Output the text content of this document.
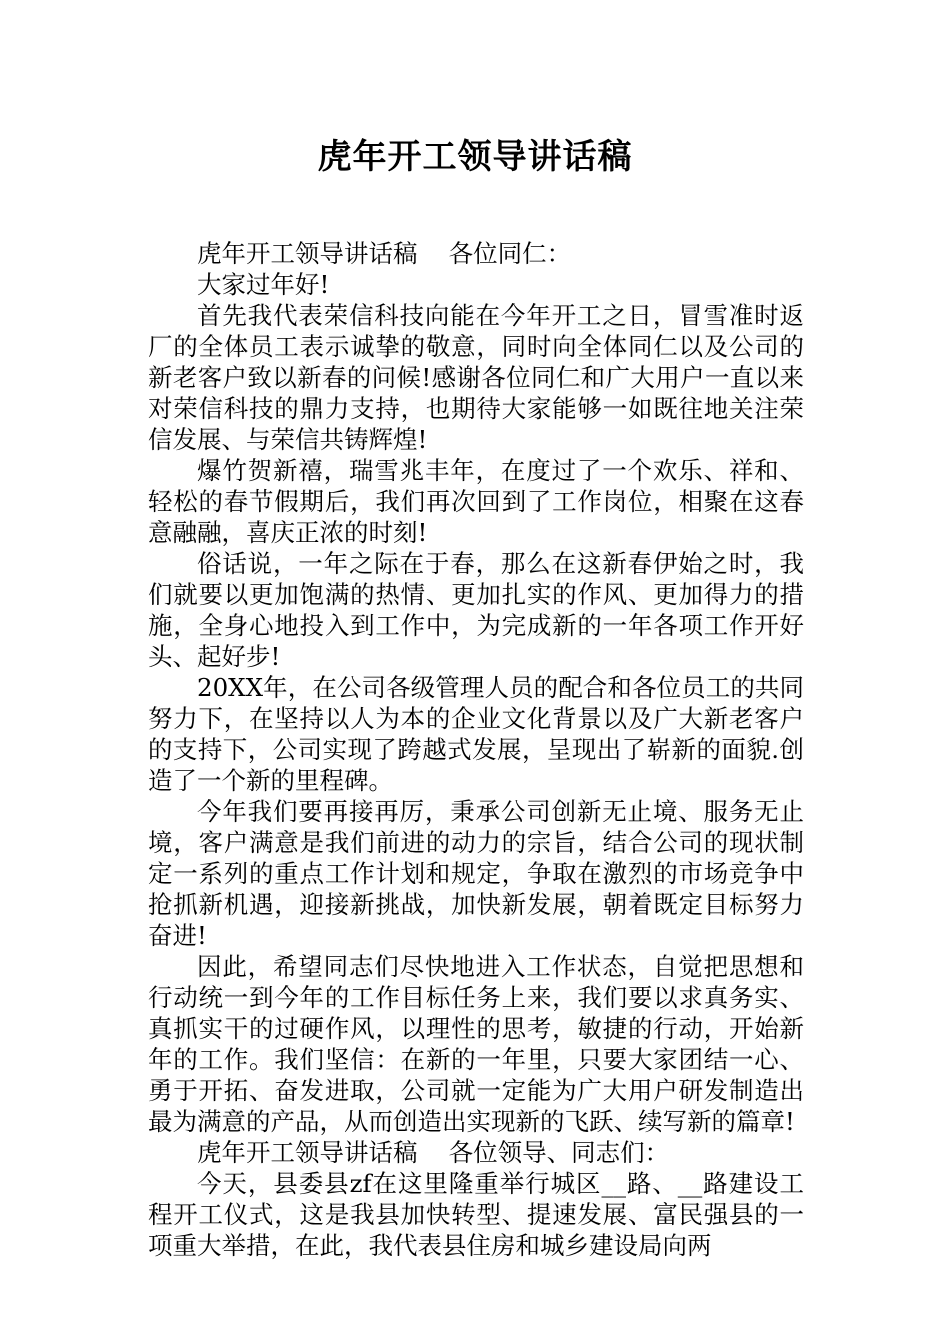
虎年开工领导讲话稿

虎年开工领导讲话稿    各位同仁：

大家过年好!

首先我代表荣信科技向能在今年开工之日，冒雪准时返厂的全体员工表示诚挚的敬意，同时向全体同仁以及公司的新老客户致以新春的问候!感谢各位同仁和广大用户一直以来对荣信科技的鼎力支持，也期待大家能够一如既往地关注荣信发展、与荣信共铸辉煌!

爆竹贺新禧，瑞雪兆丰年，在度过了一个欢乐、祥和、轻松的春节假期后，我们再次回到了工作岗位，相聚在这春意融融，喜庆正浓的时刻!

俗话说，一年之际在于春，那么在这新春伊始之时，我们就要以更加饱满的热情、更加扎实的作风、更加得力的措施，全身心地投入到工作中，为完成新的一年各项工作开好头、起好步!

20XX年，在公司各级管理人员的配合和各位员工的共同努力下，在坚持以人为本的企业文化背景以及广大新老客户的支持下，公司实现了跨越式发展，呈现出了崭新的面貌.创造了一个新的里程碑。

今年我们要再接再厉，秉承公司创新无止境、服务无止境，客户满意是我们前进的动力的宗旨，结合公司的现状制定一系列的重点工作计划和规定，争取在激烈的市场竞争中抢抓新机遇，迎接新挑战，加快新发展，朝着既定目标努力奋进!

因此，希望同志们尽快地进入工作状态，自觉把思想和行动统一到今年的工作目标任务上来，我们要以求真务实、真抓实干的过硬作风，以理性的思考，敏捷的行动，开始新年的工作。我们坚信：在新的一年里，只要大家团结一心、勇于开拓、奋发进取，公司就一定能为广大用户研发制造出最为满意的产品，从而创造出实现新的飞跃、续写新的篇章!

虎年开工领导讲话稿    各位领导、同志们：

今天，县委县zf在这里隆重举行城区__路、__路建设工程开工仪式，这是我县加快转型、提速发展、富民强县的一项重大举措，在此，我代表县住房和城乡建设局向两
